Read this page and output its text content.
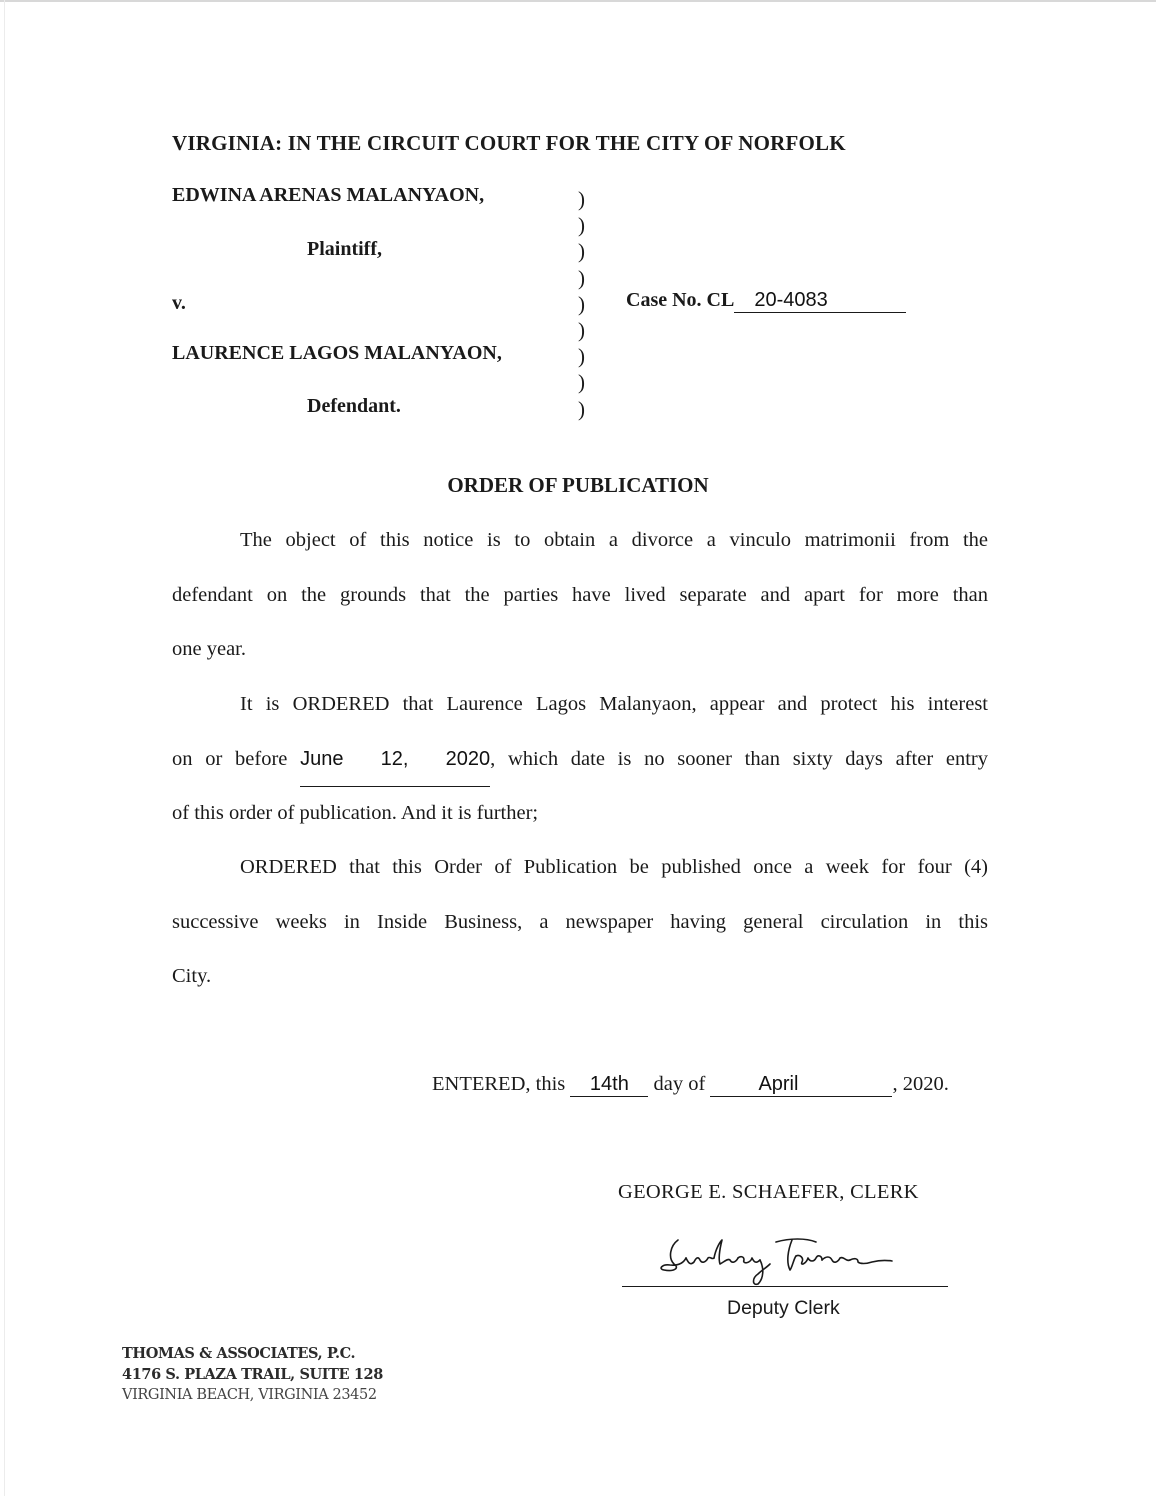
VIRGINIA: IN THE CIRCUIT COURT FOR THE CITY OF NORFOLK
EDWINA ARENAS MALANYAON,
Plaintiff,
v.
LAURENCE LAGOS MALANYAON,
Defendant.
)
)
)
)
)
)
)
)
)
Case No. CL 20-4083
ORDER OF PUBLICATION
The object of this notice is to obtain a divorce a vinculo matrimonii from the
defendant on the grounds that the parties have lived separate and apart for more than
one year.
It is ORDERED that Laurence Lagos Malanyaon, appear and protect his interest
on or before June 12, 2020, which date is no sooner than sixty days after entry
of this order of publication. And it is further;
ORDERED that this Order of Publication be published once a week for four (4)
successive weeks in Inside Business, a newspaper having general circulation in this
City.
ENTERED, this 14th day of	April	, 2020.
GEORGE E. SCHAEFER, CLERK
Deputy Clerk
THOMAS & ASSOCIATES, P.C.
4176 S. PLAZA TRAIL, SUITE 128
VIRGINIA BEACH, VIRGINIA 23452
